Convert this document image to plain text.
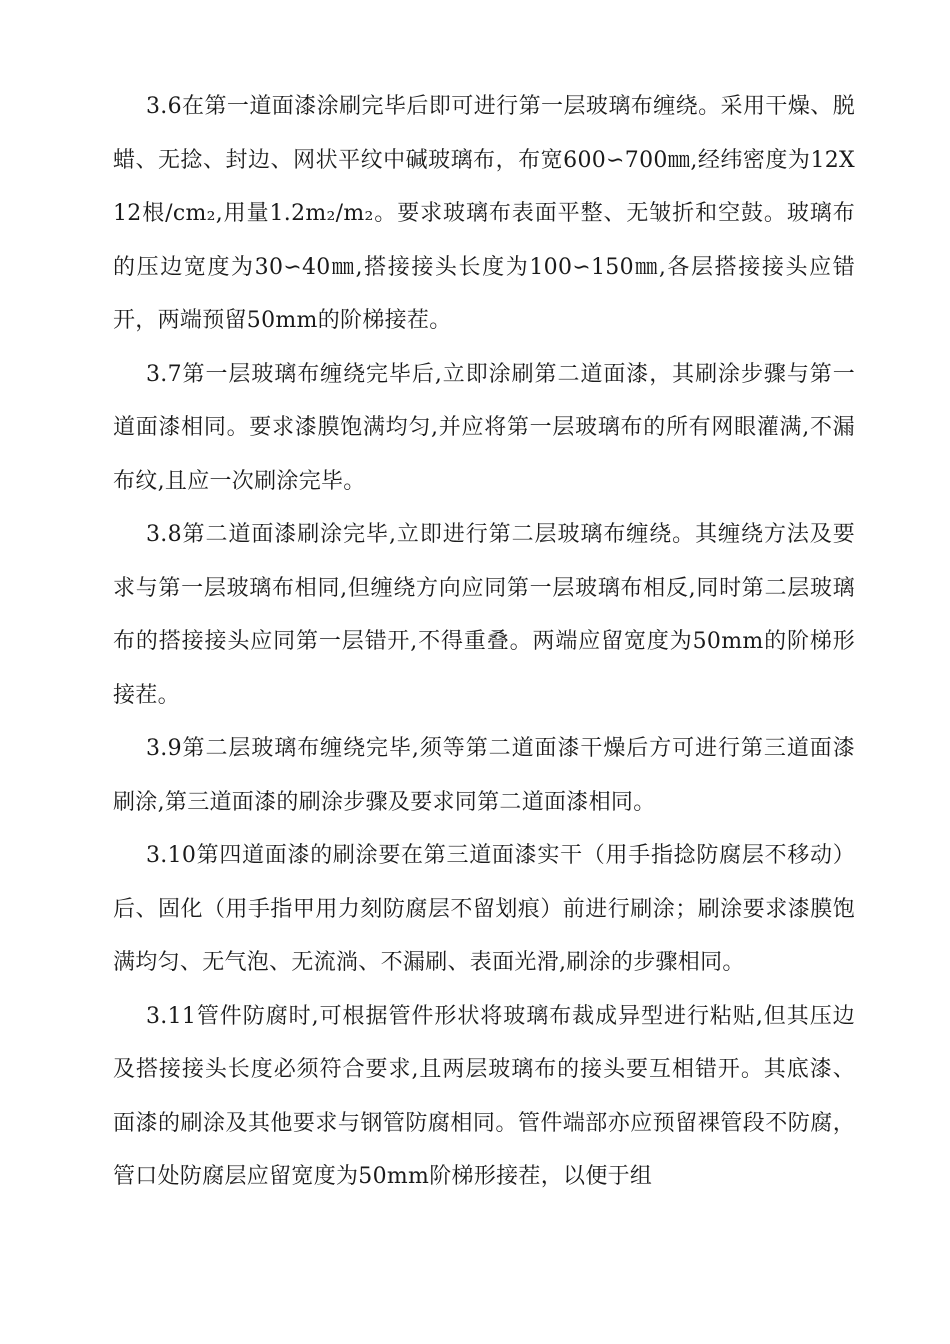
3.6在第一道面漆涂刷完毕后即可进行第一层玻璃布缠绕。采用干燥、脱蜡、无捻、封边、网状平纹中碱玻璃布，布宽600∽700㎜,经纬密度为12X12根/cm₂,用量1.2m₂/m₂。要求玻璃布表面平整、无皱折和空鼓。玻璃布的压边宽度为30∽40㎜,搭接接头长度为100∽150㎜,各层搭接接头应错开，两端预留50mm的阶梯接茬。

3.7第一层玻璃布缠绕完毕后,立即涂刷第二道面漆，其刷涂步骤与第一道面漆相同。要求漆膜饱满均匀,并应将第一层玻璃布的所有网眼灌满,不漏布纹,且应一次刷涂完毕。

3.8第二道面漆刷涂完毕,立即进行第二层玻璃布缠绕。其缠绕方法及要求与第一层玻璃布相同,但缠绕方向应同第一层玻璃布相反,同时第二层玻璃布的搭接接头应同第一层错开,不得重叠。两端应留宽度为50mm的阶梯形接茬。

3.9第二层玻璃布缠绕完毕,须等第二道面漆干燥后方可进行第三道面漆刷涂,第三道面漆的刷涂步骤及要求同第二道面漆相同。

3.10第四道面漆的刷涂要在第三道面漆实干（用手指捻防腐层不移动）后、固化（用手指甲用力刻防腐层不留划痕）前进行刷涂；刷涂要求漆膜饱满均匀、无气泡、无流淌、不漏刷、表面光滑,刷涂的步骤相同。

3.11管件防腐时,可根据管件形状将玻璃布裁成异型进行粘贴,但其压边及搭接接头长度必须符合要求,且两层玻璃布的接头要互相错开。其底漆、面漆的刷涂及其他要求与钢管防腐相同。管件端部亦应预留裸管段不防腐，管口处防腐层应留宽度为50mm阶梯形接茬，以便于组
